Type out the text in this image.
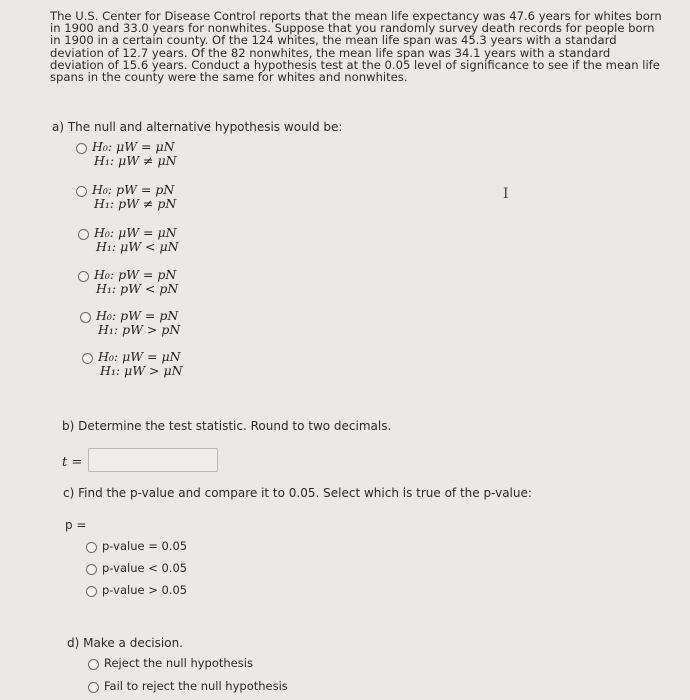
The U.S. Center for Disease Control reports that the mean life expectancy was 47.6 years for whites born in 1900 and 33.0 years for nonwhites. Suppose that you randomly survey death records for people born in 1900 in a certain county. Of the 124 whites, the mean life span was 45.3 years with a standard deviation of 12.7 years. Of the 82 nonwhites, the mean life span was 34.1 years with a standard deviation of 15.6 years. Conduct a hypothesis test at the 0.05 level of significance to see if the mean life spans in the county were the same for whites and nonwhites.
a) The null and alternative hypothesis would be:
H₀: μW = μN
H₁: μW ≠ μN
H₀: pW = pN
H₁: pW ≠ pN
H₀: μW = μN
H₁: μW < μN
H₀: pW = pN
H₁: pW < pN
H₀: pW = pN
H₁: pW > pN
H₀: μW = μN
H₁: μW > μN
I
b) Determine the test statistic. Round to two decimals.
t =
c) Find the p-value and compare it to 0.05. Select which is true of the p-value:
p =
p-value = 0.05
p-value < 0.05
p-value > 0.05
d) Make a decision.
Reject the null hypothesis
Fail to reject the null hypothesis
